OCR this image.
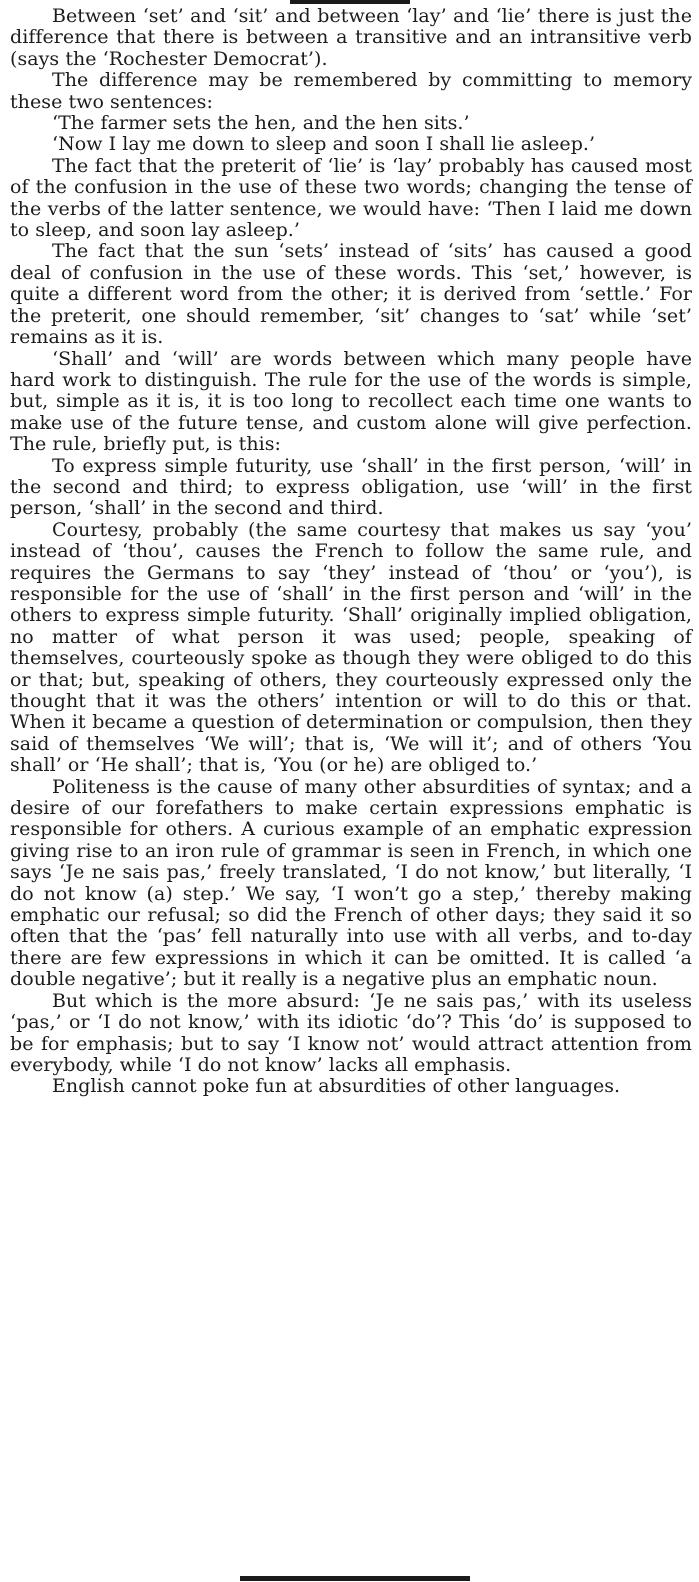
Between ‘set’ and ‘sit’ and between ‘lay’ and ‘lie’ there is just the difference that there is between a transitive and an intransitive verb (says the ‘Rochester Democrat’).

The difference may be remembered by committing to memory these two sentences:

‘The farmer sets the hen, and the hen sits.’

‘Now I lay me down to sleep and soon I shall lie asleep.’

The fact that the preterit of ‘lie’ is ‘lay’ probably has caused most of the confusion in the use of these two words; changing the tense of the verbs of the latter sentence, we would have: ‘Then I laid me down to sleep, and soon lay asleep.’

The fact that the sun ‘sets’ instead of ‘sits’ has caused a good deal of confusion in the use of these words. This ‘set,’ however, is quite a different word from the other; it is derived from ‘settle.’ For the preterit, one should remember, ‘sit’ changes to ‘sat’ while ‘set’ remains as it is.

‘Shall’ and ‘will’ are words between which many people have hard work to distinguish. The rule for the use of the words is simple, but, simple as it is, it is too long to recollect each time one wants to make use of the future tense, and custom alone will give perfection. The rule, briefly put, is this:

To express simple futurity, use ‘shall’ in the first person, ‘will’ in the second and third; to express obligation, use ‘will’ in the first person, ‘shall’ in the second and third.

Courtesy, probably (the same courtesy that makes us say ‘you’ instead of ‘thou’, causes the French to follow the same rule, and requires the Germans to say ‘they’ instead of ‘thou’ or ‘you’), is responsible for the use of ‘shall’ in the first person and ‘will’ in the others to express simple futurity. ‘Shall’ originally implied obligation, no matter of what person it was used; people, speaking of themselves, courteously spoke as though they were obliged to do this or that; but, speaking of others, they courteously expressed only the thought that it was the others’ intention or will to do this or that. When it became a question of determination or compulsion, then they said of themselves ‘We will’; that is, ‘We will it’; and of others ‘You shall’ or ‘He shall’; that is, ‘You (or he) are obliged to.’

Politeness is the cause of many other absurdities of syntax; and a desire of our forefathers to make certain expressions emphatic is responsible for others. A curious example of an emphatic expression giving rise to an iron rule of grammar is seen in French, in which one says ‘Je ne sais pas,’ freely translated, ‘I do not know,’ but literally, ‘I do not know (a) step.’ We say, ‘I won’t go a step,’ thereby making emphatic our refusal; so did the French of other days; they said it so often that the ‘pas’ fell naturally into use with all verbs, and to-day there are few expressions in which it can be omitted. It is called ‘a double negative’; but it really is a negative plus an emphatic noun.

But which is the more absurd: ‘Je ne sais pas,’ with its useless ‘pas,’ or ‘I do not know,’ with its idiotic ‘do’? This ‘do’ is supposed to be for emphasis; but to say ‘I know not’ would attract attention from everybody, while ‘I do not know’ lacks all emphasis.

English cannot poke fun at absurdities of other languages.
